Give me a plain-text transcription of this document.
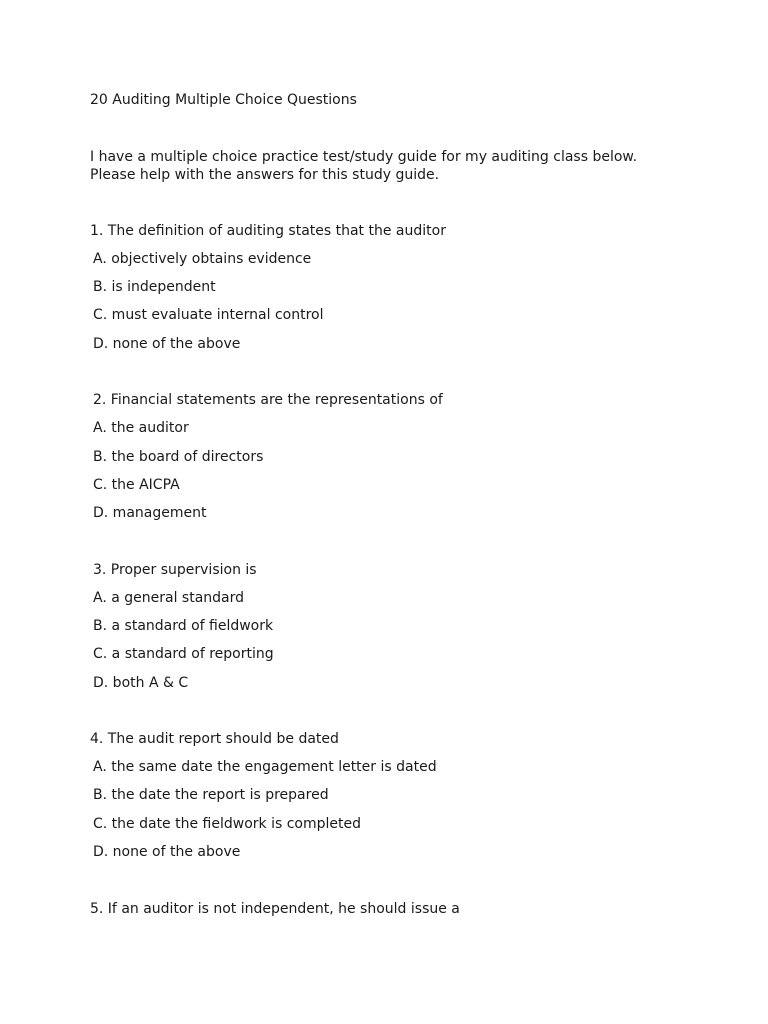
20 Auditing Multiple Choice Questions
I have a multiple choice practice test/study guide for my auditing class below.
Please help with the answers for this study guide.
1. The definition of auditing states that the auditor
A. objectively obtains evidence
B. is independent
C. must evaluate internal control
D. none of the above
2. Financial statements are the representations of
A. the auditor
B. the board of directors
C. the AICPA
D. management
3. Proper supervision is
A. a general standard
B. a standard of fieldwork
C. a standard of reporting
D. both A & C
4. The audit report should be dated
A. the same date the engagement letter is dated
B. the date the report is prepared
C. the date the fieldwork is completed
D. none of the above
5. If an auditor is not independent, he should issue a
